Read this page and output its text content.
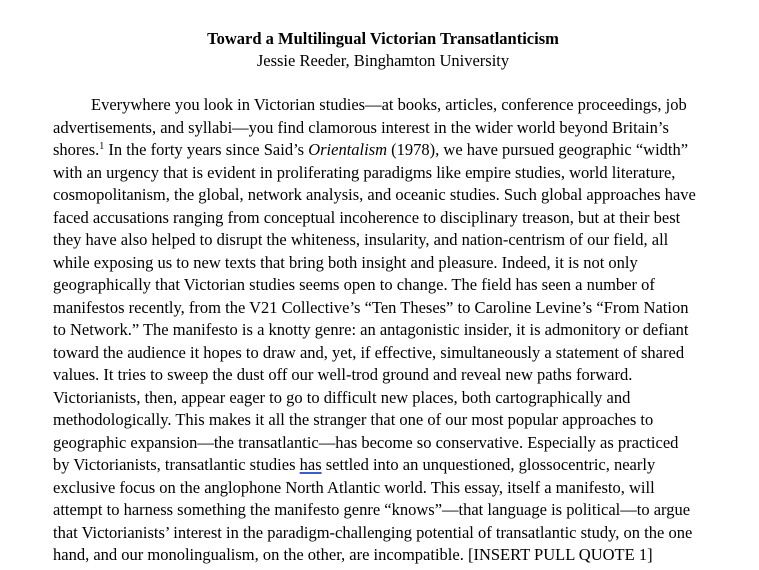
Toward a Multilingual Victorian Transatlanticism
Jessie Reeder, Binghamton University
Everywhere you look in Victorian studies—at books, articles, conference proceedings, job
advertisements, and syllabi—you find clamorous interest in the wider world beyond Britain’s
shores.$^1$ In the forty years since Said’s Orientalism (1978), we have pursued geographic “width”
with an urgency that is evident in proliferating paradigms like empire studies, world literature,
cosmopolitanism, the global, network analysis, and oceanic studies. Such global approaches have
faced accusations ranging from conceptual incoherence to disciplinary treason, but at their best
they have also helped to disrupt the whiteness, insularity, and nation-centrism of our field, all
while exposing us to new texts that bring both insight and pleasure. Indeed, it is not only
geographically that Victorian studies seems open to change. The field has seen a number of
manifestos recently, from the V21 Collective’s “Ten Theses” to Caroline Levine’s “From Nation
to Network.” The manifesto is a knotty genre: an antagonistic insider, it is admonitory or defiant
toward the audience it hopes to draw and, yet, if effective, simultaneously a statement of shared
values. It tries to sweep the dust off our well-trod ground and reveal new paths forward.
Victorianists, then, appear eager to go to difficult new places, both cartographically and
methodologically. This makes it all the stranger that one of our most popular approaches to
geographic expansion—the transatlantic—has become so conservative. Especially as practiced
by Victorianists, transatlantic studies has settled into an unquestioned, glossocentric, nearly
exclusive focus on the anglophone North Atlantic world. This essay, itself a manifesto, will
attempt to harness something the manifesto genre “knows”—that language is political—to argue
that Victorianists’ interest in the paradigm-challenging potential of transatlantic study, on the one
hand, and our monolingualism, on the other, are incompatible. [INSERT PULL QUOTE 1]
